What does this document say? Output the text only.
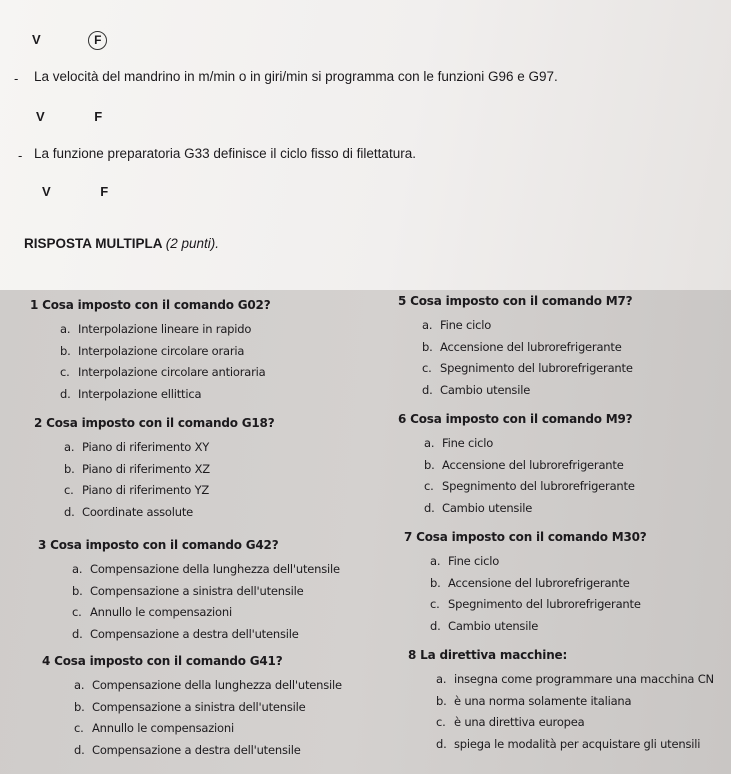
V	F
- La velocità del mandrino in m/min o in giri/min si programma con le funzioni G96 e G97.
V	F
- La funzione preparatoria G33 definisce il ciclo fisso di filettatura.
V	F
RISPOSTA MULTIPLA (2 punti).
1 Cosa imposto con il comando G02?
a. Interpolazione lineare in rapido
b. Interpolazione circolare oraria
c. Interpolazione circolare antioraria
d. Interpolazione ellittica
2 Cosa imposto con il comando G18?
a. Piano di riferimento XY
b. Piano di riferimento XZ
c. Piano di riferimento YZ
d. Coordinate assolute
3 Cosa imposto con il comando G42?
a. Compensazione della lunghezza dell'utensile
b. Compensazione a sinistra dell'utensile
c. Annullo le compensazioni
d. Compensazione a destra dell'utensile
4 Cosa imposto con il comando G41?
a. Compensazione della lunghezza dell'utensile
b. Compensazione a sinistra dell'utensile
c. Annullo le compensazioni
d. Compensazione a destra dell'utensile
5 Cosa imposto con il comando M7?
a. Fine ciclo
b. Accensione del lubrorefrigerante
c. Spegnimento del lubrorefrigerante
d. Cambio utensile
6 Cosa imposto con il comando M9?
a. Fine ciclo
b. Accensione del lubrorefrigerante
c. Spegnimento del lubrorefrigerante
d. Cambio utensile
7 Cosa imposto con il comando M30?
a. Fine ciclo
b. Accensione del lubrorefrigerante
c. Spegnimento del lubrorefrigerante
d. Cambio utensile
8 La direttiva macchine:
a. insegna come programmare una macchina CN
b. è una norma solamente italiana
c. è una direttiva europea
d. spiega le modalità per acquistare gli utensili
